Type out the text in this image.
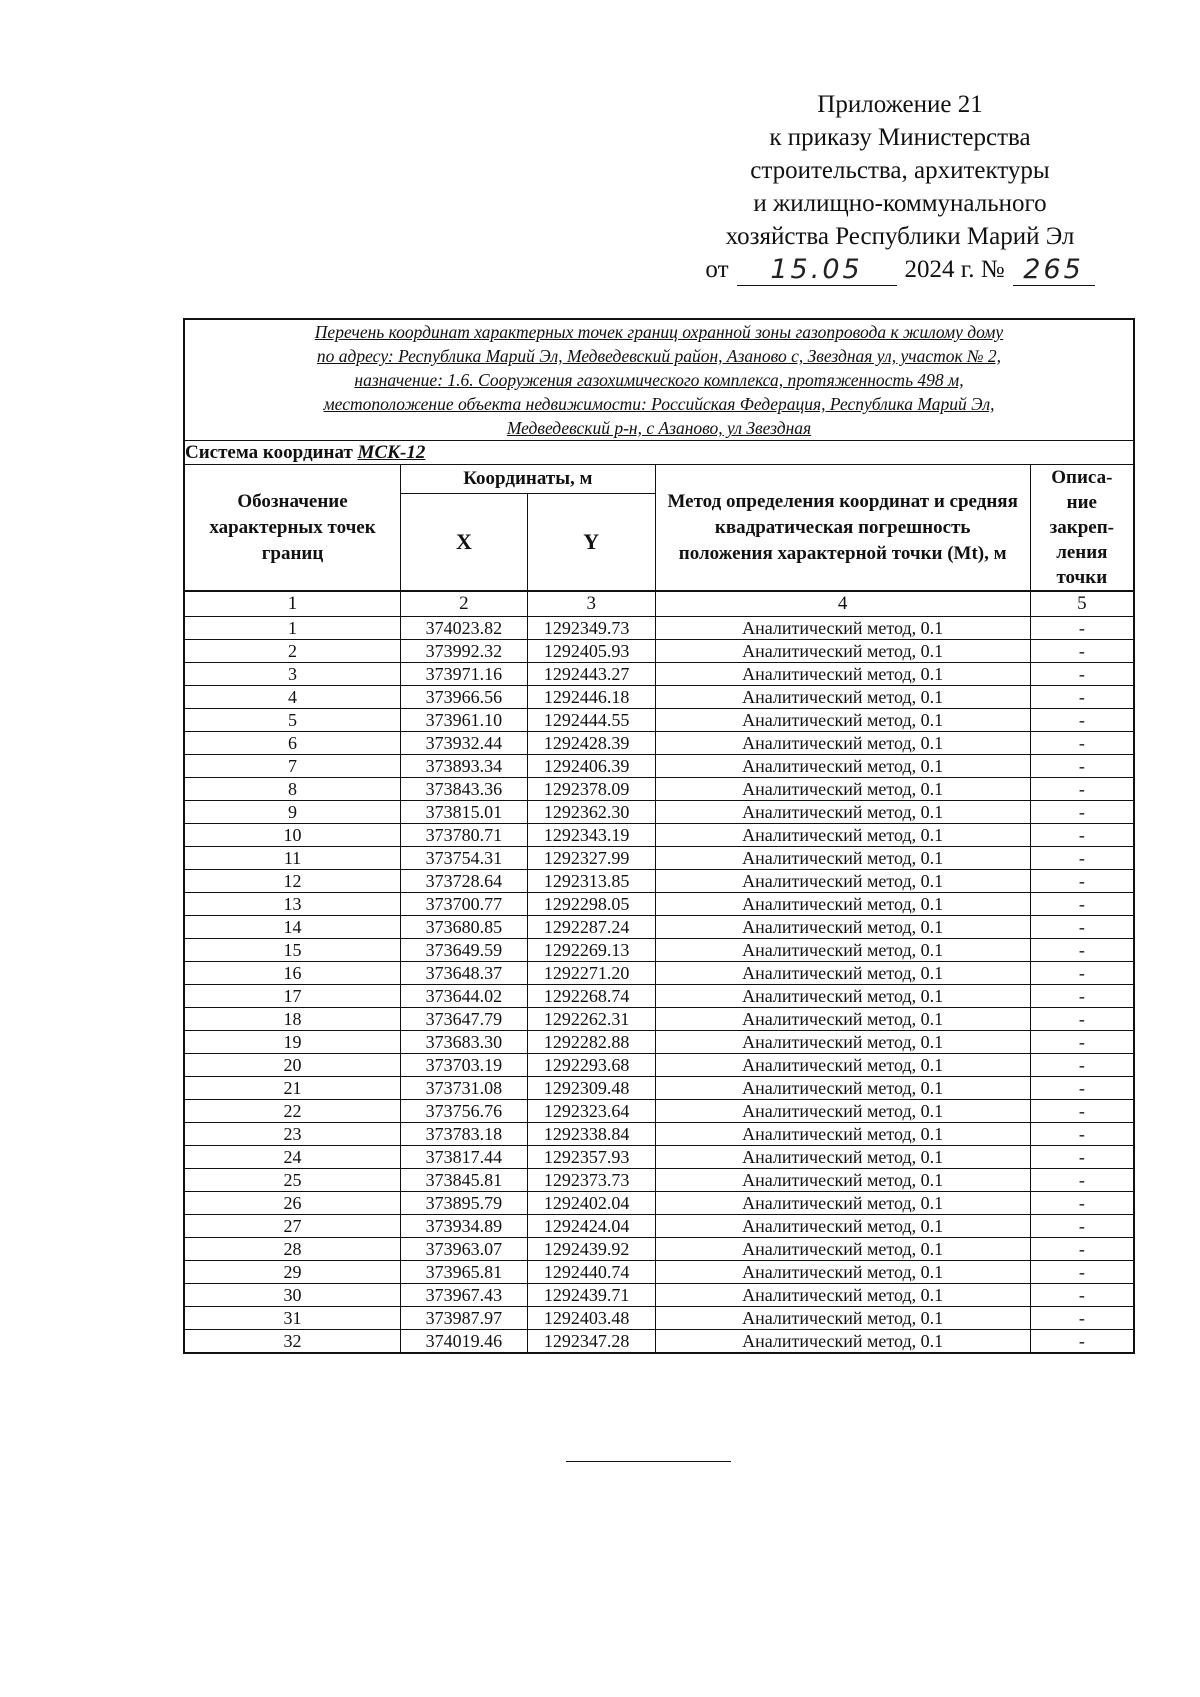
Приложение 21
к приказу Министерства
строительства, архитектуры
и жилищно-коммунального
хозяйства Республики Марий Эл
от	15.05	2024 г. № 265
Перечень координат характерных точек границ охранной зоны газопровода к жилому дому
по адресу: Республика Марий Эл, Медведевский район, Азаново с, Звездная ул, участок № 2,
назначение: 1.6. Сооружения газохимического комплекса, протяженность 498 м,
местоположение объекта недвижимости: Российская Федерация, Республика Марий Эл,
Медведевский р-н, с Азаново, ул Звездная				

Система координат МСК-12				
Обозначение характерных точек границ	Координаты, м		Метод определения координат и средняя квадратическая погрешность положения характерной точки (Mt), м	Описа-
ние
закреп-
ления
точки

	X	Y		
1	2	3	4	5
1	374023.82	1292349.73	Аналитический метод, 0.1	-
2	373992.32	1292405.93	Аналитический метод, 0.1	-
3	373971.16	1292443.27	Аналитический метод, 0.1	-
4	373966.56	1292446.18	Аналитический метод, 0.1	-
5	373961.10	1292444.55	Аналитический метод, 0.1	-
6	373932.44	1292428.39	Аналитический метод, 0.1	-
7	373893.34	1292406.39	Аналитический метод, 0.1	-
8	373843.36	1292378.09	Аналитический метод, 0.1	-
9	373815.01	1292362.30	Аналитический метод, 0.1	-
10	373780.71	1292343.19	Аналитический метод, 0.1	-
11	373754.31	1292327.99	Аналитический метод, 0.1	-
12	373728.64	1292313.85	Аналитический метод, 0.1	-
13	373700.77	1292298.05	Аналитический метод, 0.1	-
14	373680.85	1292287.24	Аналитический метод, 0.1	-
15	373649.59	1292269.13	Аналитический метод, 0.1	-
16	373648.37	1292271.20	Аналитический метод, 0.1	-
17	373644.02	1292268.74	Аналитический метод, 0.1	-
18	373647.79	1292262.31	Аналитический метод, 0.1	-
19	373683.30	1292282.88	Аналитический метод, 0.1	-
20	373703.19	1292293.68	Аналитический метод, 0.1	-
21	373731.08	1292309.48	Аналитический метод, 0.1	-
22	373756.76	1292323.64	Аналитический метод, 0.1	-
23	373783.18	1292338.84	Аналитический метод, 0.1	-
24	373817.44	1292357.93	Аналитический метод, 0.1	-
25	373845.81	1292373.73	Аналитический метод, 0.1	-
26	373895.79	1292402.04	Аналитический метод, 0.1	-
27	373934.89	1292424.04	Аналитический метод, 0.1	-
28	373963.07	1292439.92	Аналитический метод, 0.1	-
29	373965.81	1292440.74	Аналитический метод, 0.1	-
30	373967.43	1292439.71	Аналитический метод, 0.1	-
31	373987.97	1292403.48	Аналитический метод, 0.1	-
32	374019.46	1292347.28	Аналитический метод, 0.1	-
